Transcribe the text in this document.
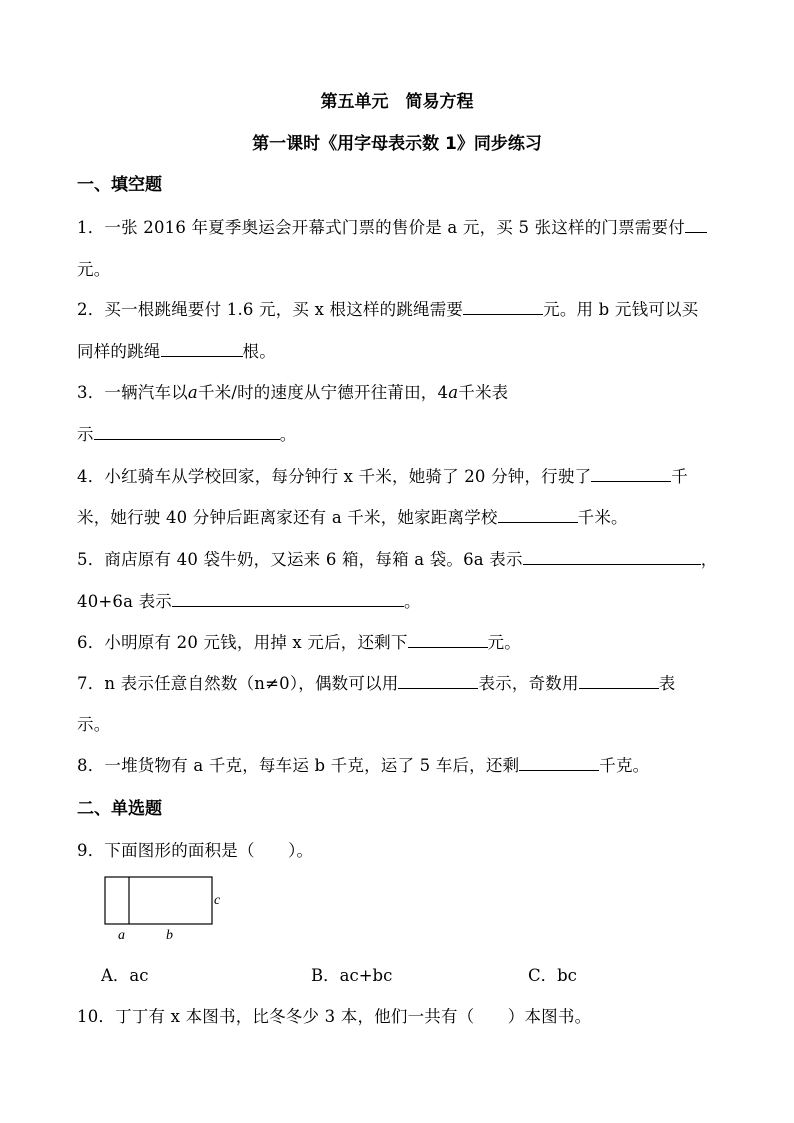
第五单元　简易方程
第一课时《用字母表示数 1》同步练习
一、填空题
1．一张 2016 年夏季奥运会开幕式门票的售价是 a 元，买 5 张这样的门票需要付
元。
2．买一根跳绳要付 1.6 元，买 x 根这样的跳绳需要	元。用 b 元钱可以买
同样的跳绳	根。
3．一辆汽车以a千米/时的速度从宁德开往莆田，4a千米表
示	。
4．小红骑车从学校回家，每分钟行 x 千米，她骑了 20 分钟，行驶了	千
米，她行驶 40 分钟后距离家还有 a 千米，她家距离学校	千米。
5．商店原有 40 袋牛奶，又运来 6 箱，每箱 a 袋。6a 表示	，
40+6a 表示	。
6．小明原有 20 元钱，用掉 x 元后，还剩下	元。
7．n 表示任意自然数（n≠0），偶数可以用	表示，奇数用	表
示。
8．一堆货物有 a 千克，每车运 b 千克，运了 5 车后，还剩	千克。
二、单选题
9．下面图形的面积是（　　）。
a	b
c
A．ac	B．ac+bc	C．bc
10．丁丁有 x 本图书，比冬冬少 3 本，他们一共有（　　）本图书。
